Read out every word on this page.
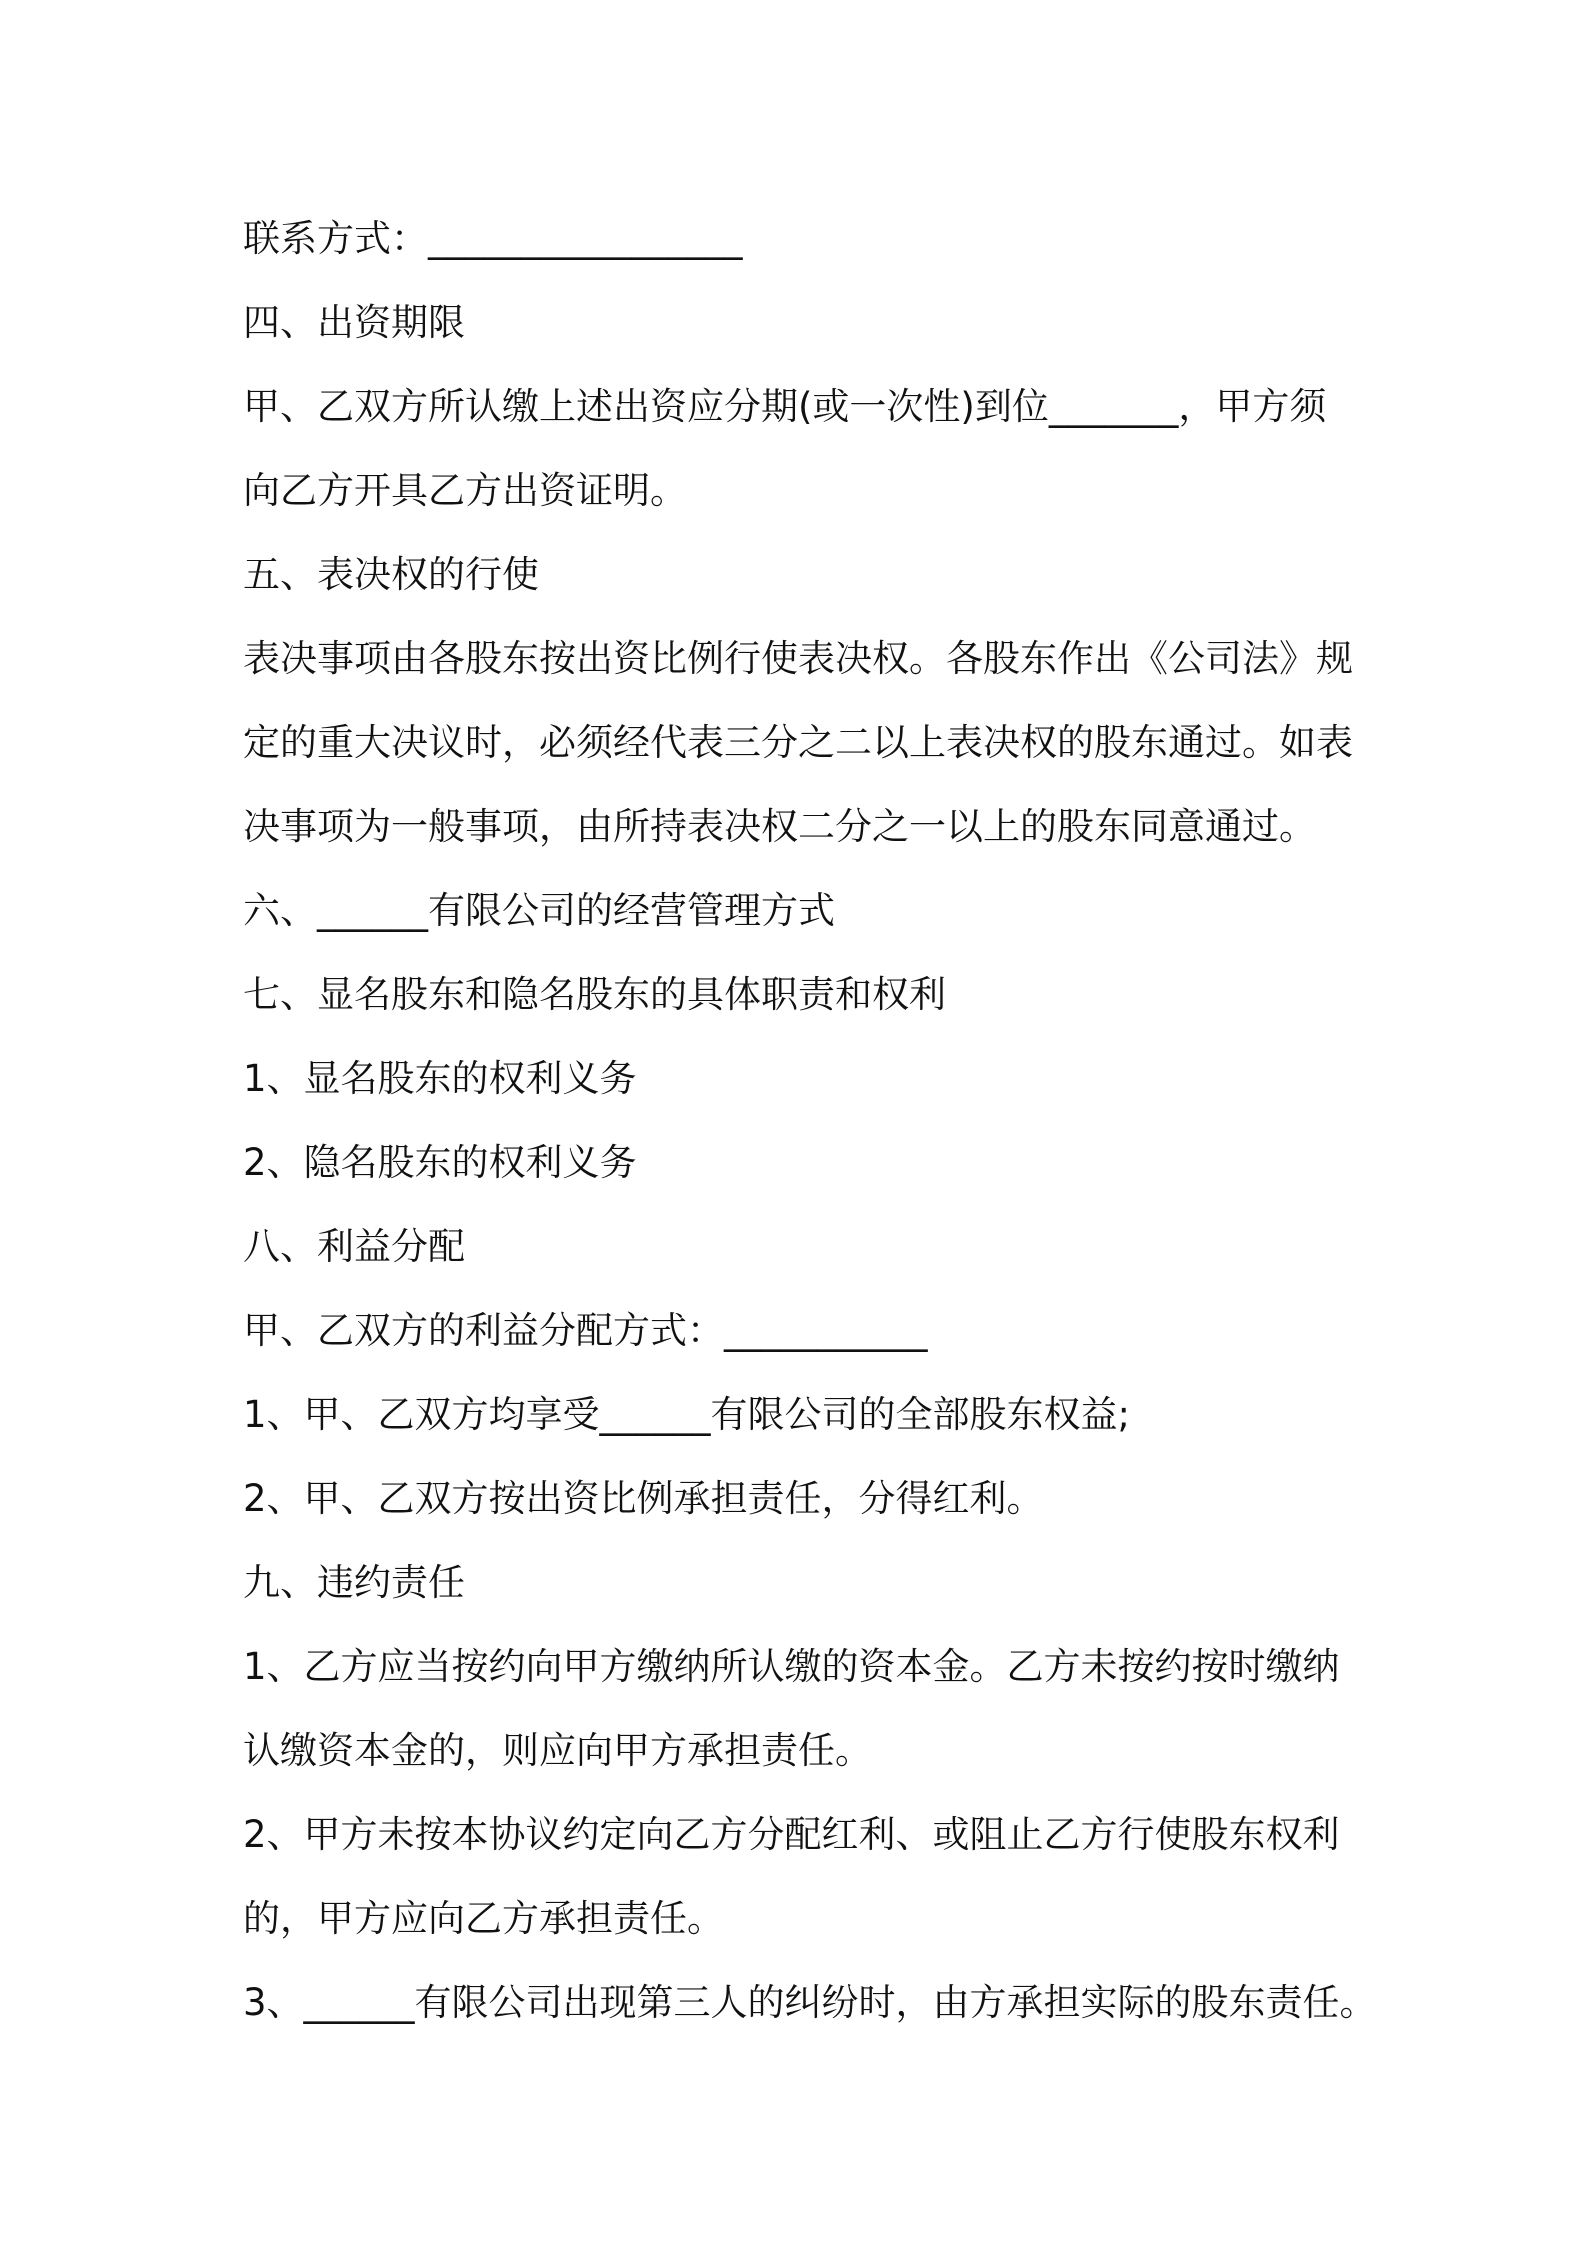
联系方式：_________________
四、出资期限
甲、乙双方所认缴上述出资应分期(或一次性)到位_______，甲方须
向乙方开具乙方出资证明。
五、表决权的行使
表决事项由各股东按出资比例行使表决权。各股东作出《公司法》规
定的重大决议时，必须经代表三分之二以上表决权的股东通过。如表
决事项为一般事项，由所持表决权二分之一以上的股东同意通过。
六、______有限公司的经营管理方式
七、显名股东和隐名股东的具体职责和权利
1、显名股东的权利义务
2、隐名股东的权利义务
八、利益分配
甲、乙双方的利益分配方式：___________
1、甲、乙双方均享受______有限公司的全部股东权益;
2、甲、乙双方按出资比例承担责任，分得红利。
九、违约责任
1、乙方应当按约向甲方缴纳所认缴的资本金。乙方未按约按时缴纳
认缴资本金的，则应向甲方承担责任。
2、甲方未按本协议约定向乙方分配红利、或阻止乙方行使股东权利
的，甲方应向乙方承担责任。
3、______有限公司出现第三人的纠纷时，由方承担实际的股东责任。
